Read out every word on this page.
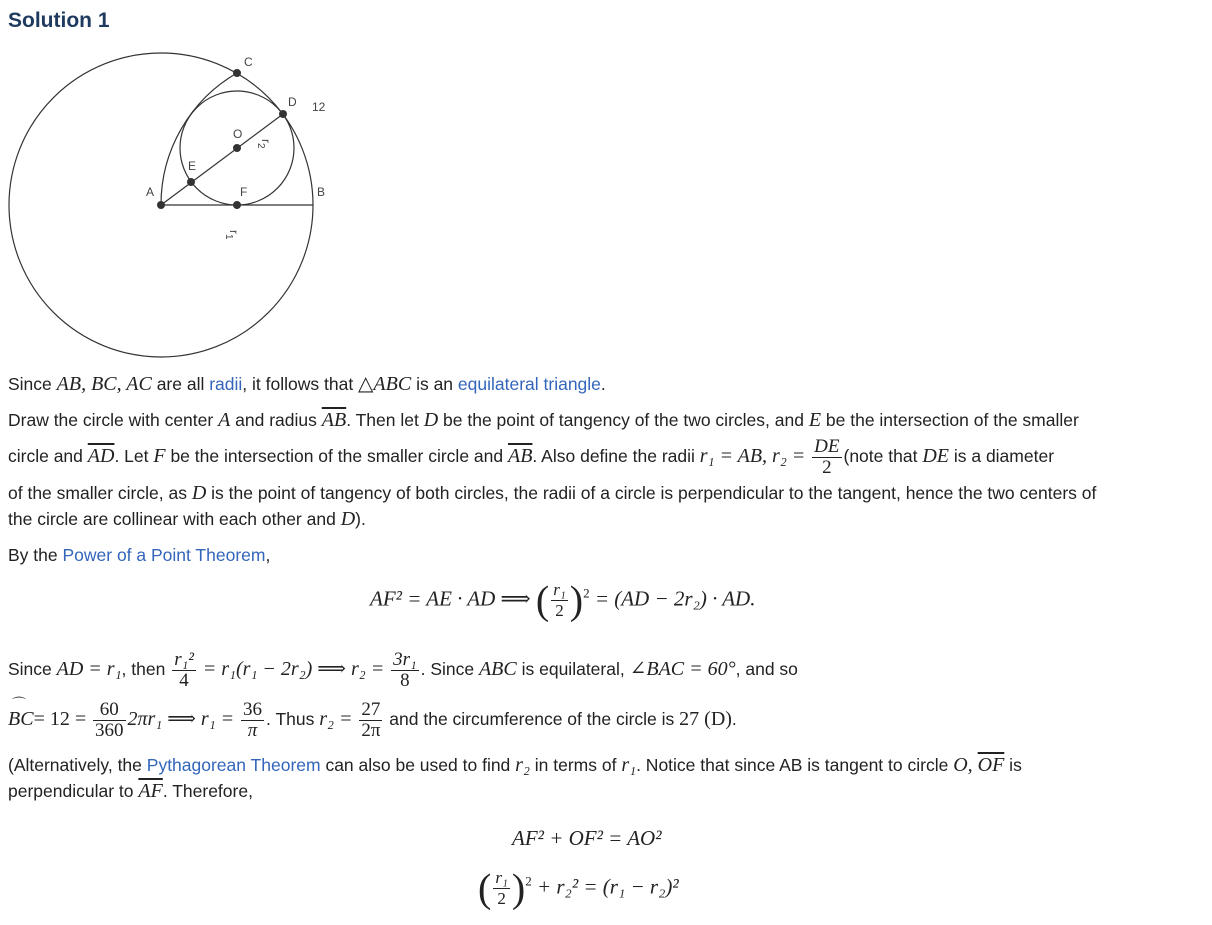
Solution 1
A	B
C
D
E
F
O
12
$r_2$
$r_1$
Since AB, BC, AC are all radii, it follows that △ABC is an equilateral triangle.
Draw the circle with center A and radius $\overline{AB}$. Then let D be the point of tangency of the two circles, and E be the intersection of the smaller
circle and $\overline{AD}$. Let F be the intersection of the smaller circle and $\overline{AB}$. Also define the radii r₁ = AB, $r_2 = \frac{DE}{2}$ (note that DE is a diameter
of the smaller circle, as D is the point of tangency of both circles, the radii of a circle is perpendicular to the tangent, hence the two centers of
the circle are collinear with each other and D).
By the Power of a Point Theorem,
AF² = AE · AD ⟹ ( $\frac{\text{r₁}}{2} )^2 = (AD - 2r_2)$ · AD.
Since AD = r₁, then $\frac{\text{r₁²}}{4} = r_1(r_1 - 2r_2)$ ⟹ $r_2 = \frac{\text{3r₁}}{8}$ . Since ABC is equilateral, ∠BAC = 60°, and so
$BC= 12 = \frac{60}{360} 2\pi r_1$ ⟹ $r_1 = \frac{36}{\pi}$ . Thus $r_2 = \frac{27}{2\pi}$ and the circumference of the circle is 27 (D).
⌒
(Alternatively, the Pythagorean Theorem can also be used to find r₂ in terms of r₁. Notice that since AB is tangent to circle O, $\overline{OF}$ is
perpendicular to $\overline{AF}$. Therefore,
AF² + OF² = AO²
( $\frac{\text{r₁}}{2} )^2 + r_2^2 = (r_1 - r_2)^2$
